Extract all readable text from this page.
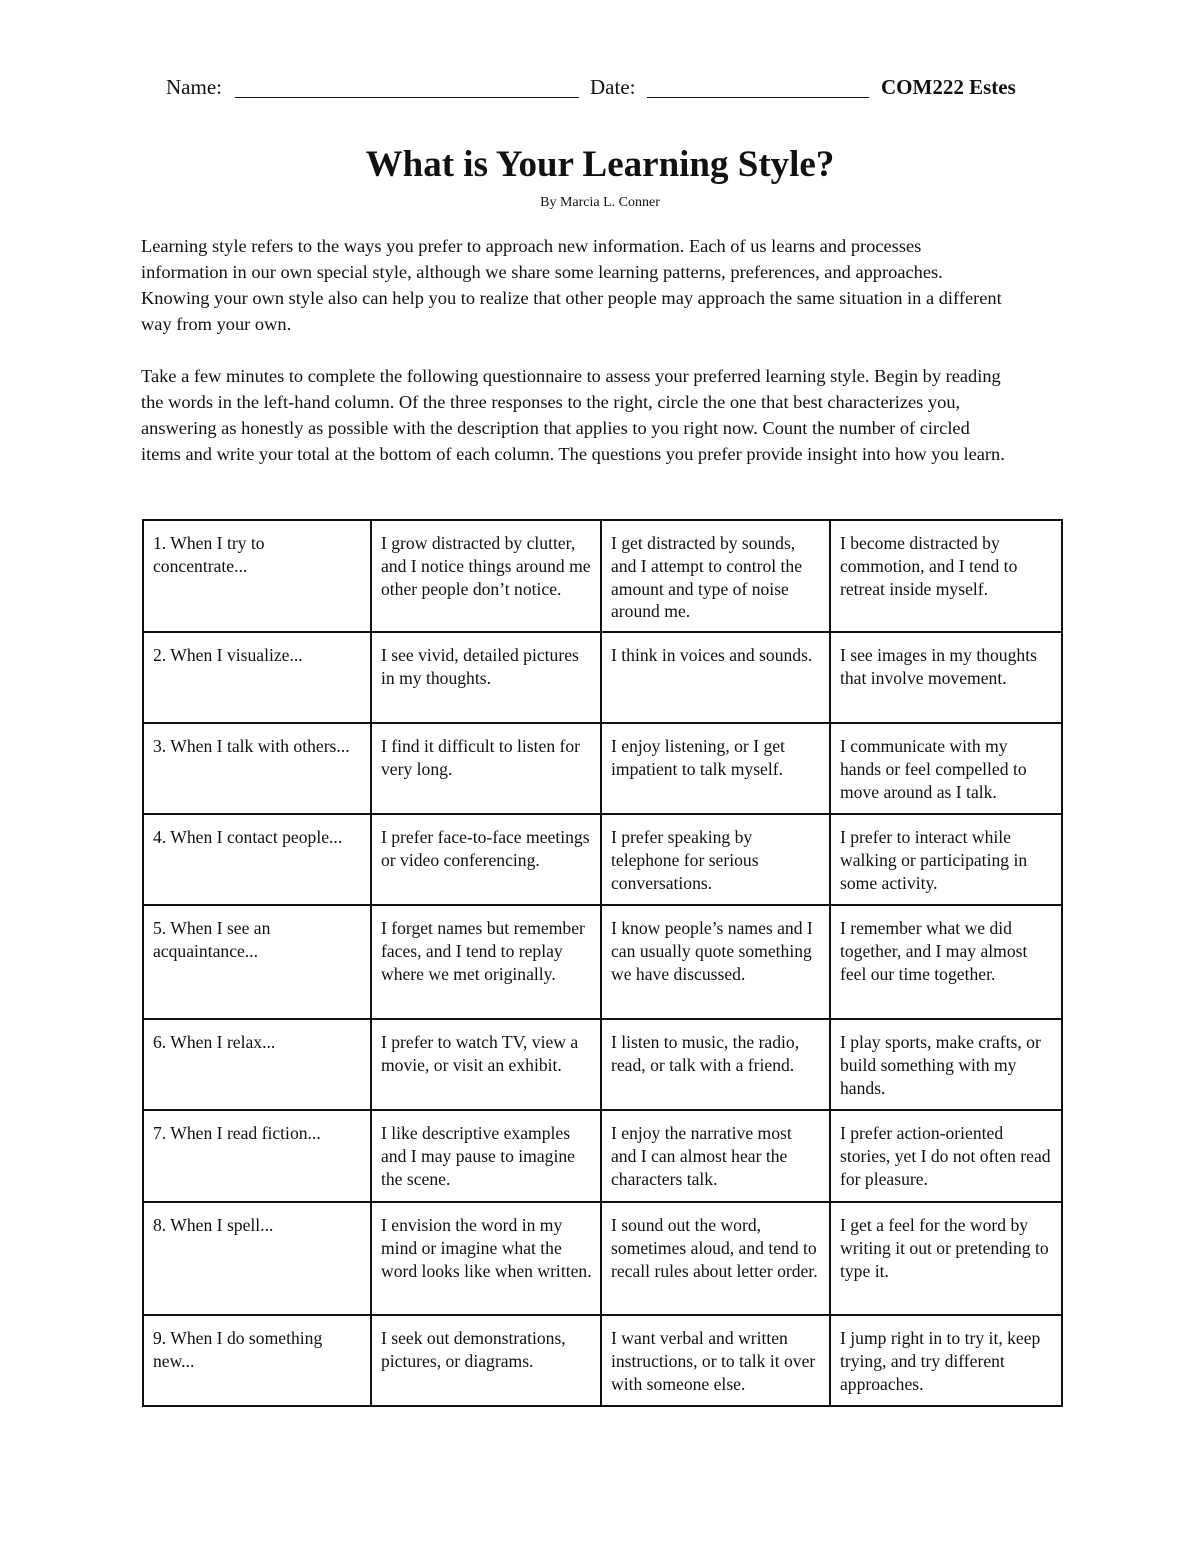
Name:	Date:	COM222 Estes
What is Your Learning Style?
By Marcia L. Conner

Learning style refers to the ways you prefer to approach new information. Each of us learns and processes information in our own special style, although we share some learning patterns, preferences, and approaches. Knowing your own style also can help you to realize that other people may approach the same situation in a different way from your own.

Take a few minutes to complete the following questionnaire to assess your preferred learning style. Begin by reading the words in the left-hand column. Of the three responses to the right, circle the one that best characterizes you, answering as honestly as possible with the description that applies to you right now. Count the number of circled items and write your total at the bottom of each column. The questions you prefer provide insight into how you learn.

1. When I try to concentrate...	I grow distracted by clutter, and I notice things around me other people don’t notice.	I get distracted by sounds, and I attempt to control the amount and type of noise around me.	I become distracted by commotion, and I tend to retreat inside myself.
2. When I visualize...	I see vivid, detailed pictures in my thoughts.	I think in voices and sounds.	I see images in my thoughts that involve movement.
3. When I talk with others...	I find it difficult to listen for very long.	I enjoy listening, or I get impatient to talk myself.	I communicate with my hands or feel compelled to move around as I talk.
4. When I contact people...	I prefer face-to-face meetings or video conferencing.	I prefer speaking by telephone for serious conversations.	I prefer to interact while walking or participating in some activity.
5. When I see an acquaintance...	I forget names but remember faces, and I tend to replay where we met originally.	I know people’s names and I can usually quote something we have discussed.	I remember what we did together, and I may almost feel our time together.
6. When I relax...	I prefer to watch TV, view a movie, or visit an exhibit.	I listen to music, the radio, read, or talk with a friend.	I play sports, make crafts, or build something with my hands.
7. When I read fiction...	I like descriptive examples and I may pause to imagine the scene.	I enjoy the narrative most and I can almost hear the characters talk.	I prefer action-oriented stories, yet I do not often read for pleasure.
8. When I spell...	I envision the word in my mind or imagine what the word looks like when written.	I sound out the word, sometimes aloud, and tend to recall rules about letter order.	I get a feel for the word by writing it out or pretending to type it.
9. When I do something new...	I seek out demonstrations, pictures, or diagrams.	I want verbal and written instructions, or to talk it over with someone else.	I jump right in to try it, keep trying, and try different approaches.
